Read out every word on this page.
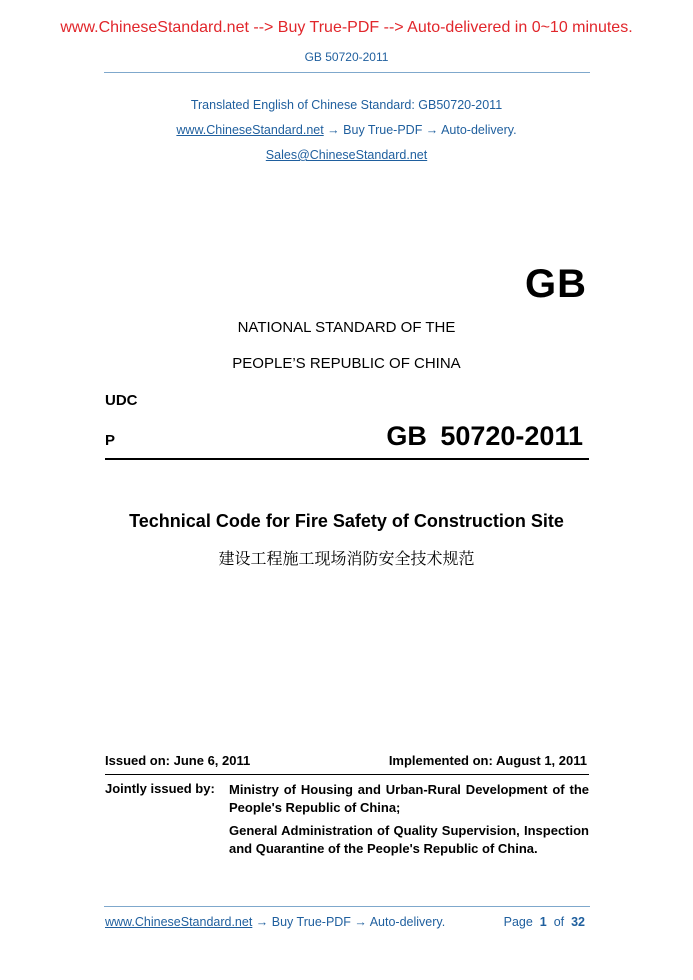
www.ChineseStandard.net --> Buy True-PDF --> Auto-delivered in 0~10 minutes.
GB 50720-2011
Translated English of Chinese Standard: GB50720-2011
www.ChineseStandard.net → Buy True-PDF → Auto-delivery.
Sales@ChineseStandard.net
GB
NATIONAL STANDARD OF THE
PEOPLE’S REPUBLIC OF CHINA
UDC
P	GB 50720-2011
Technical Code for Fire Safety of Construction Site
建设工程施工现场消防安全技术规范
Issued on: June 6, 2011	Implemented on: August 1, 2011
Jointly issued by: Ministry of Housing and Urban-Rural Development of the People's Republic of China;
General Administration of Quality Supervision, Inspection and Quarantine of the People's Republic of China.
www.ChineseStandard.net → Buy True-PDF → Auto-delivery.	Page 1 of 32
